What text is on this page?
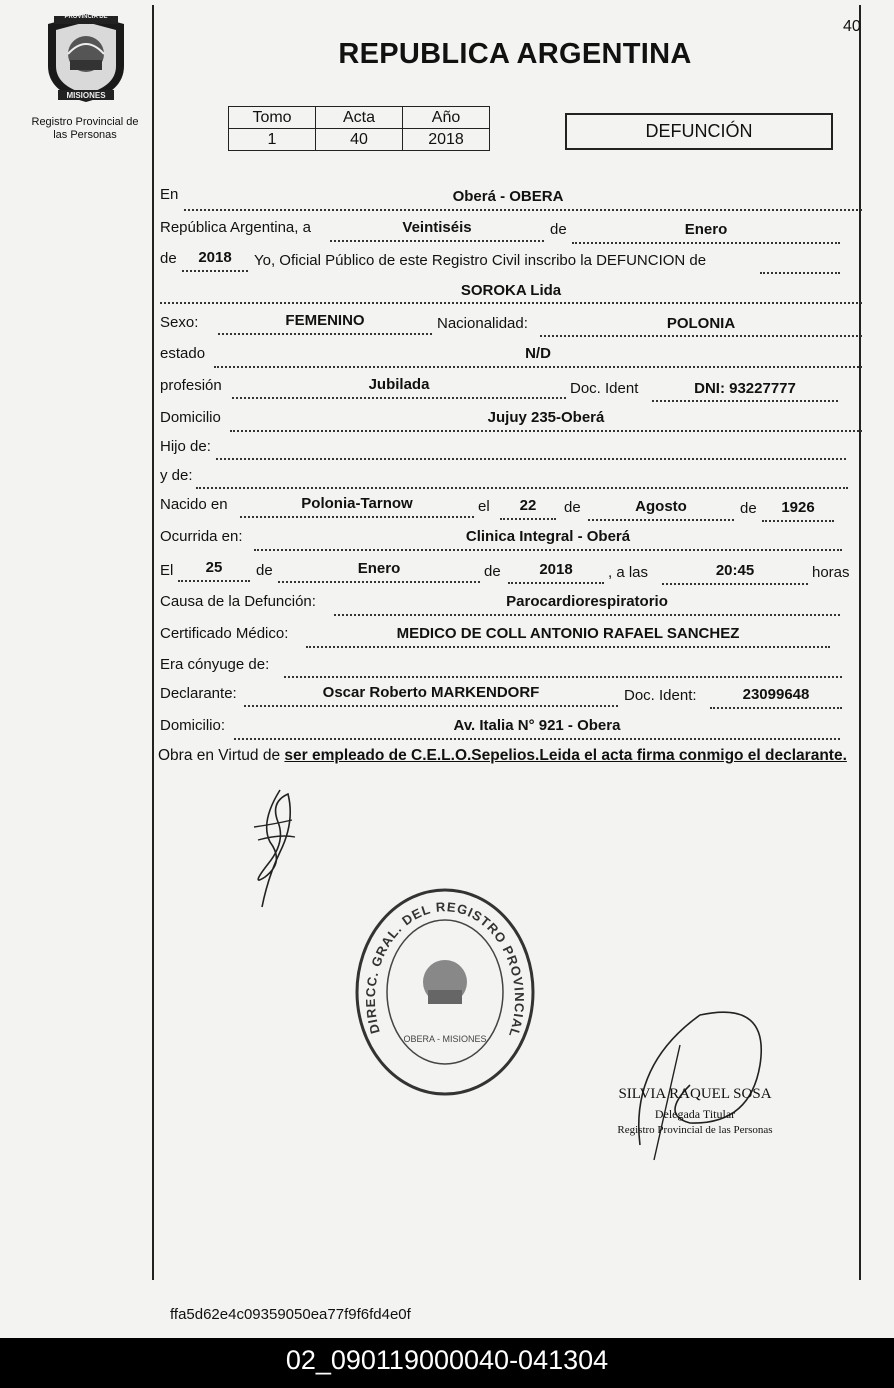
40
PROVINCIA DE
MISIONES
Registro Provincial de
las Personas
REPUBLICA ARGENTINA
Tomo	Acta	Año
1	40	2018	DEFUNCIÓN
En	Oberá - OBERA
República Argentina, a	Veintiséis	de	Enero
de	2018	Yo, Oficial Público de este Registro Civil inscribo la DEFUNCION de
SOROKA Lida
Sexo:	FEMENINO	Nacionalidad:	POLONIA
estado	N/D
profesión	Jubilada	Doc. Ident	DNI: 93227777
Domicilio	Jujuy 235-Oberá
Hijo de:
y de:
Nacido en	Polonia-Tarnow	el	22	de	Agosto	de	1926
Ocurrida en:	Clinica Integral - Oberá
El	25	de	Enero	de	2018	, a las	20:45	horas
Causa de la Defunción:	Parocardiorespiratorio
Certificado Médico:	MEDICO DE COLL ANTONIO RAFAEL SANCHEZ
Era cónyuge de:
Declarante:	Oscar Roberto MARKENDORF	Doc. Ident:	23099648
Domicilio:	Av. Italia N° 921 - Obera
Obra en Virtud de ser empleado de C.E.L.O.Sepelios.Leida el acta firma conmigo el declarante.
DIRECC. GRAL. DEL REGISTRO PROVINCIAL
OBERA - MISIONES
SILVIA RAQUEL SOSA
Delegada Titular
Registro Provincial de las Personas
ffa5d62e4c09359050ea77f9f6fd4e0f
02_090119000040-041304
